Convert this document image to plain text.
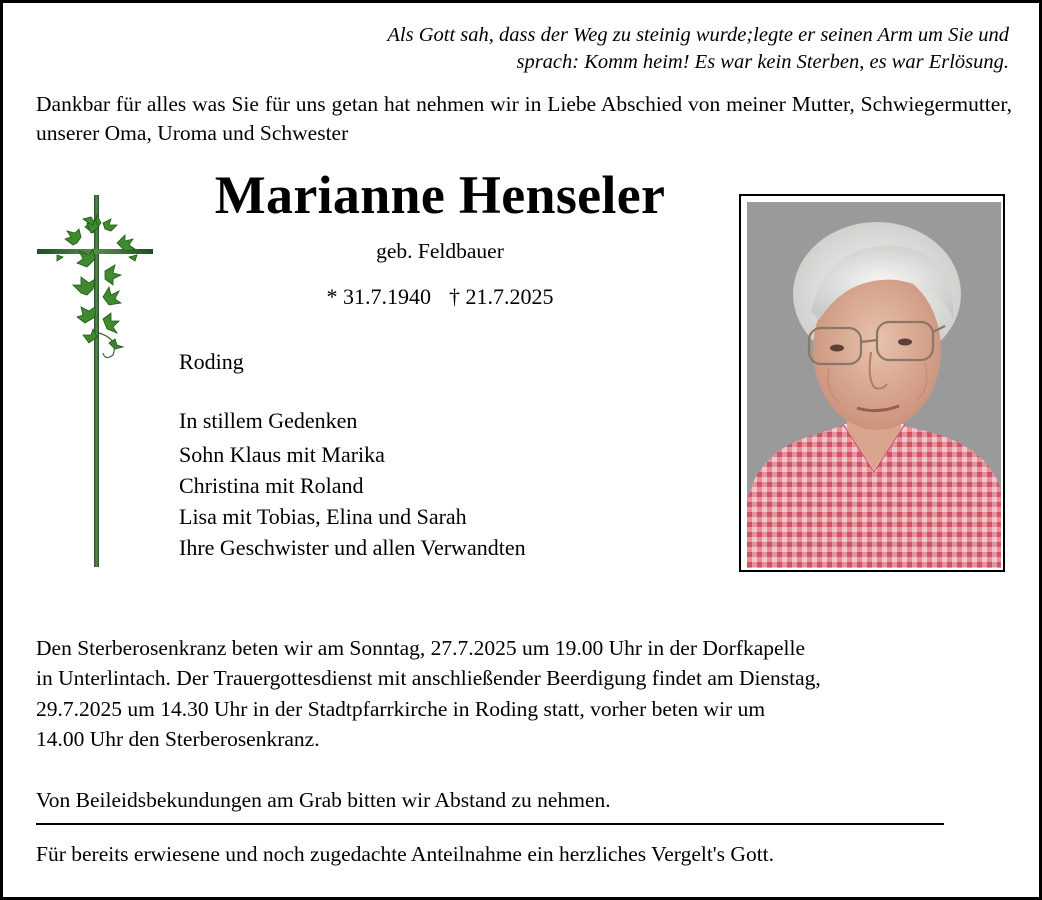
Als Gott sah, dass der Weg zu steinig wurde;legte er seinen Arm um Sie und
sprach: Komm heim! Es war kein Sterben, es war Erlösung.
Dankbar für alles was Sie für uns getan hat nehmen wir in Liebe Abschied von meiner Mutter, Schwiegermutter, unserer Oma, Uroma und Schwester
Marianne Henseler
geb. Feldbauer
* 31.7.1940 † 21.7.2025
Roding
In stillem Gedenken
Sohn Klaus mit Marika
Christina mit Roland
Lisa mit Tobias, Elina und Sarah
Ihre Geschwister und allen Verwandten
Den Sterberosenkranz beten wir am Sonntag, 27.7.2025 um 19.00 Uhr in der Dorfkapelle
in Unterlintach. Der Trauergottesdienst mit anschließender Beerdigung findet am Dienstag,
29.7.2025 um 14.30 Uhr in der Stadtpfarrkirche in Roding statt, vorher beten wir um
14.00 Uhr den Sterberosenkranz.
Von Beileidsbekundungen am Grab bitten wir Abstand zu nehmen.
Für bereits erwiesene und noch zugedachte Anteilnahme ein herzliches Vergelt's Gott.
